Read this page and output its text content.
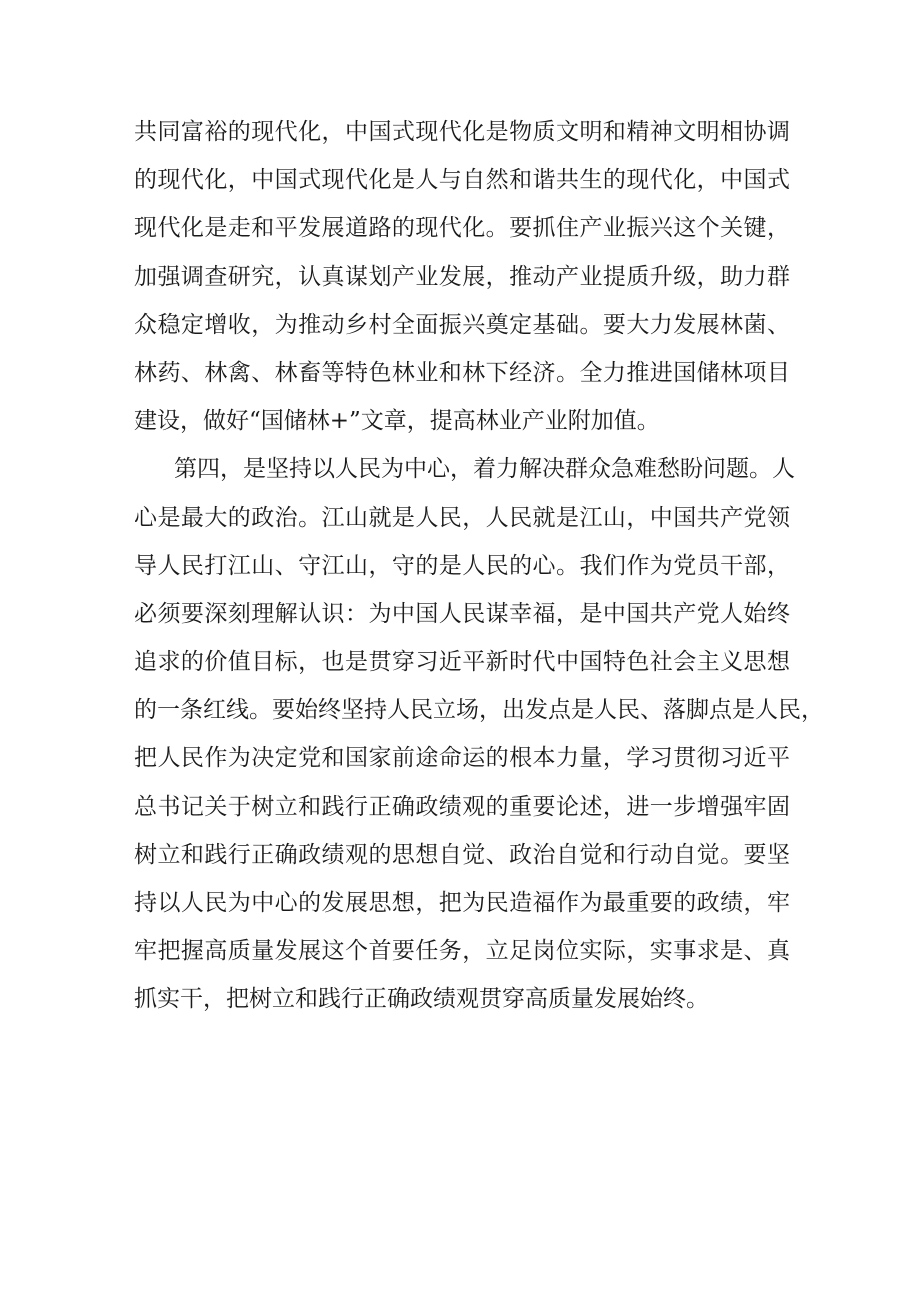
共同富裕的现代化，中国式现代化是物质文明和精神文明相协调
的现代化，中国式现代化是人与自然和谐共生的现代化，中国式
现代化是走和平发展道路的现代化。要抓住产业振兴这个关键，
加强调查研究，认真谋划产业发展，推动产业提质升级，助力群
众稳定增收，为推动乡村全面振兴奠定基础。要大力发展林菌、
林药、林禽、林畜等特色林业和林下经济。全力推进国储林项目
建设，做好“国储林+”文章，提高林业产业附加值。
第四，是坚持以人民为中心，着力解决群众急难愁盼问题。人
心是最大的政治。江山就是人民，人民就是江山，中国共产党领
导人民打江山、守江山，守的是人民的心。我们作为党员干部，
必须要深刻理解认识：为中国人民谋幸福，是中国共产党人始终
追求的价值目标，也是贯穿习近平新时代中国特色社会主义思想
的一条红线。要始终坚持人民立场，出发点是人民、落脚点是人民，
把人民作为决定党和国家前途命运的根本力量，学习贯彻习近平
总书记关于树立和践行正确政绩观的重要论述，进一步增强牢固
树立和践行正确政绩观的思想自觉、政治自觉和行动自觉。要坚
持以人民为中心的发展思想，把为民造福作为最重要的政绩，牢
牢把握高质量发展这个首要任务，立足岗位实际，实事求是、真
抓实干，把树立和践行正确政绩观贯穿高质量发展始终。
